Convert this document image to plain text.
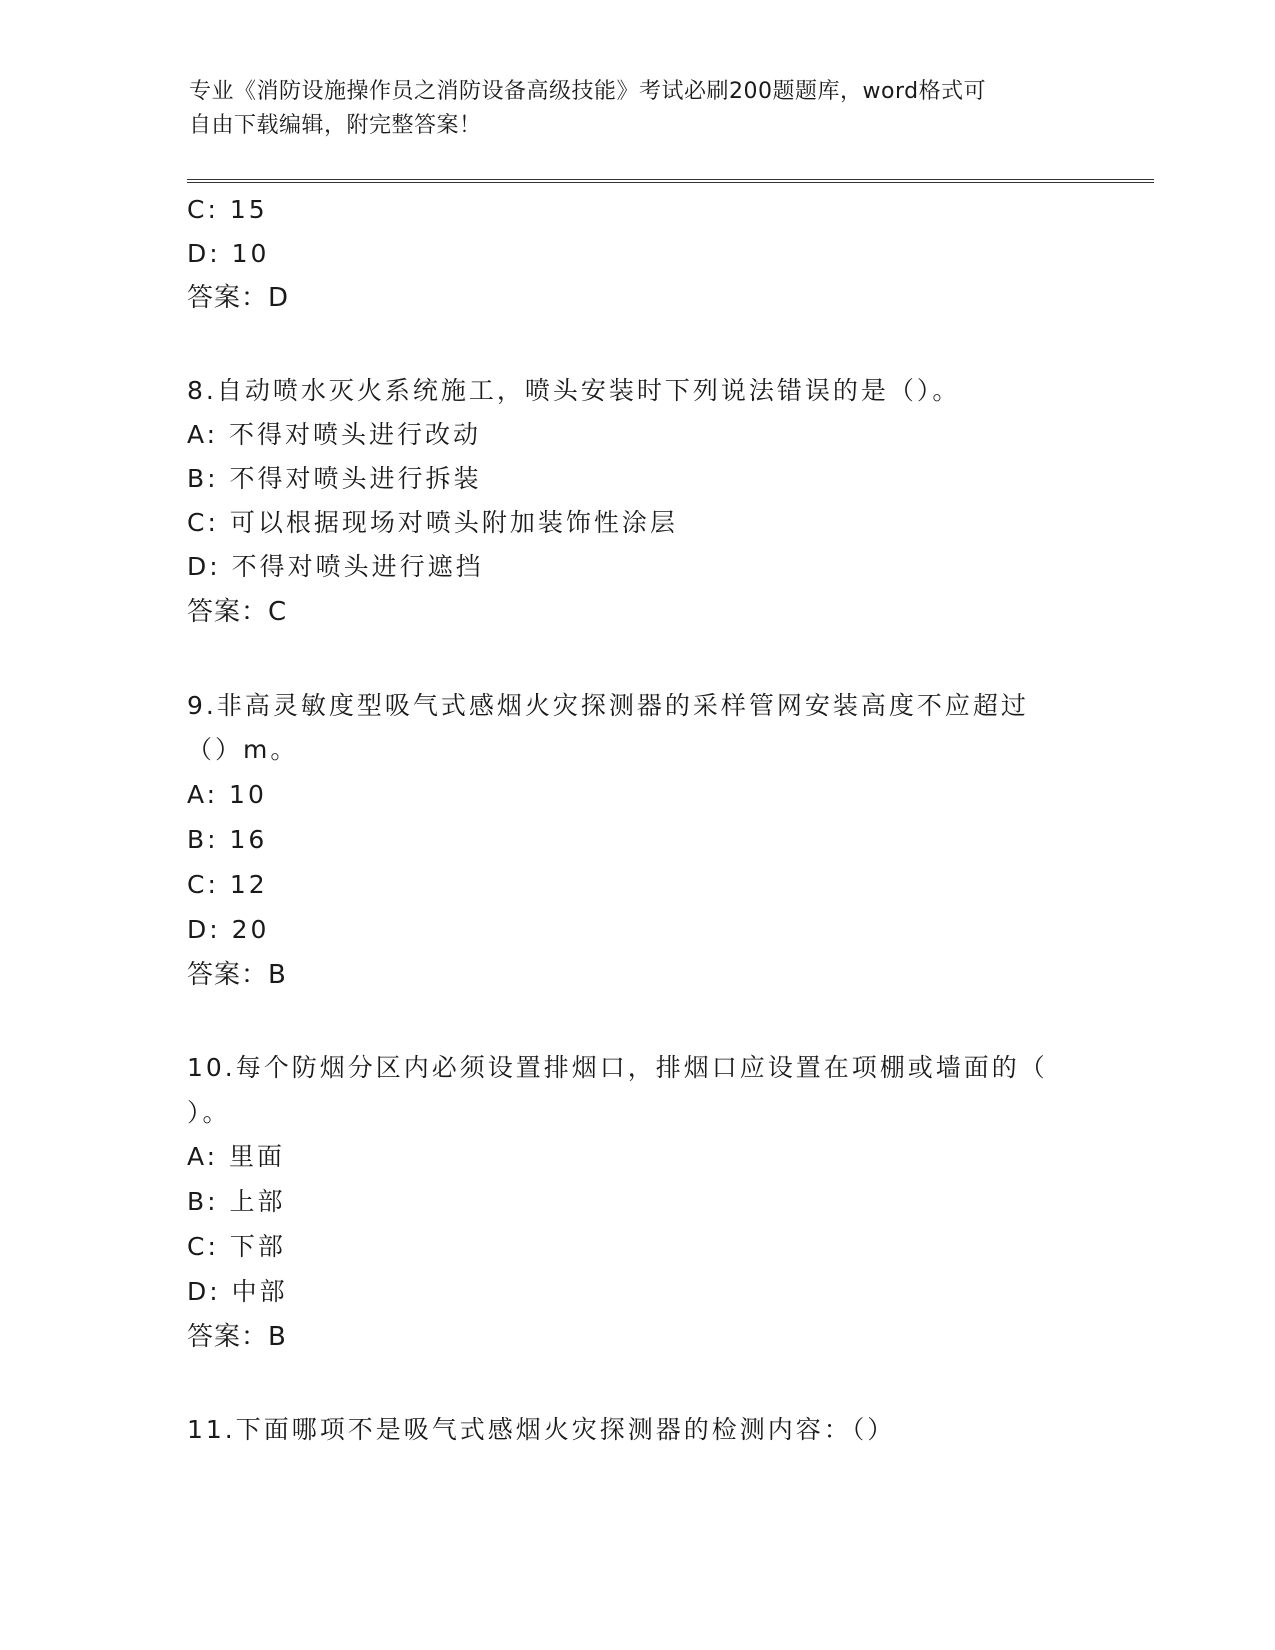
专业《消防设施操作员之消防设备高级技能》考试必刷200题题库，word格式可
自由下载编辑，附完整答案！
C: 15
D: 10
答案：D
8.自动喷水灭火系统施工，喷头安装时下列说法错误的是（）。
A: 不得对喷头进行改动
B: 不得对喷头进行拆装
C: 可以根据现场对喷头附加装饰性涂层
D: 不得对喷头进行遮挡
答案：C
9.非高灵敏度型吸气式感烟火灾探测器的采样管网安装高度不应超过
（）m。
A: 10
B: 16
C: 12
D: 20
答案：B
10.每个防烟分区内必须设置排烟口，排烟口应设置在项棚或墙面的（
）。
A: 里面
B: 上部
C: 下部
D: 中部
答案：B
11.下面哪项不是吸气式感烟火灾探测器的检测内容：（）
